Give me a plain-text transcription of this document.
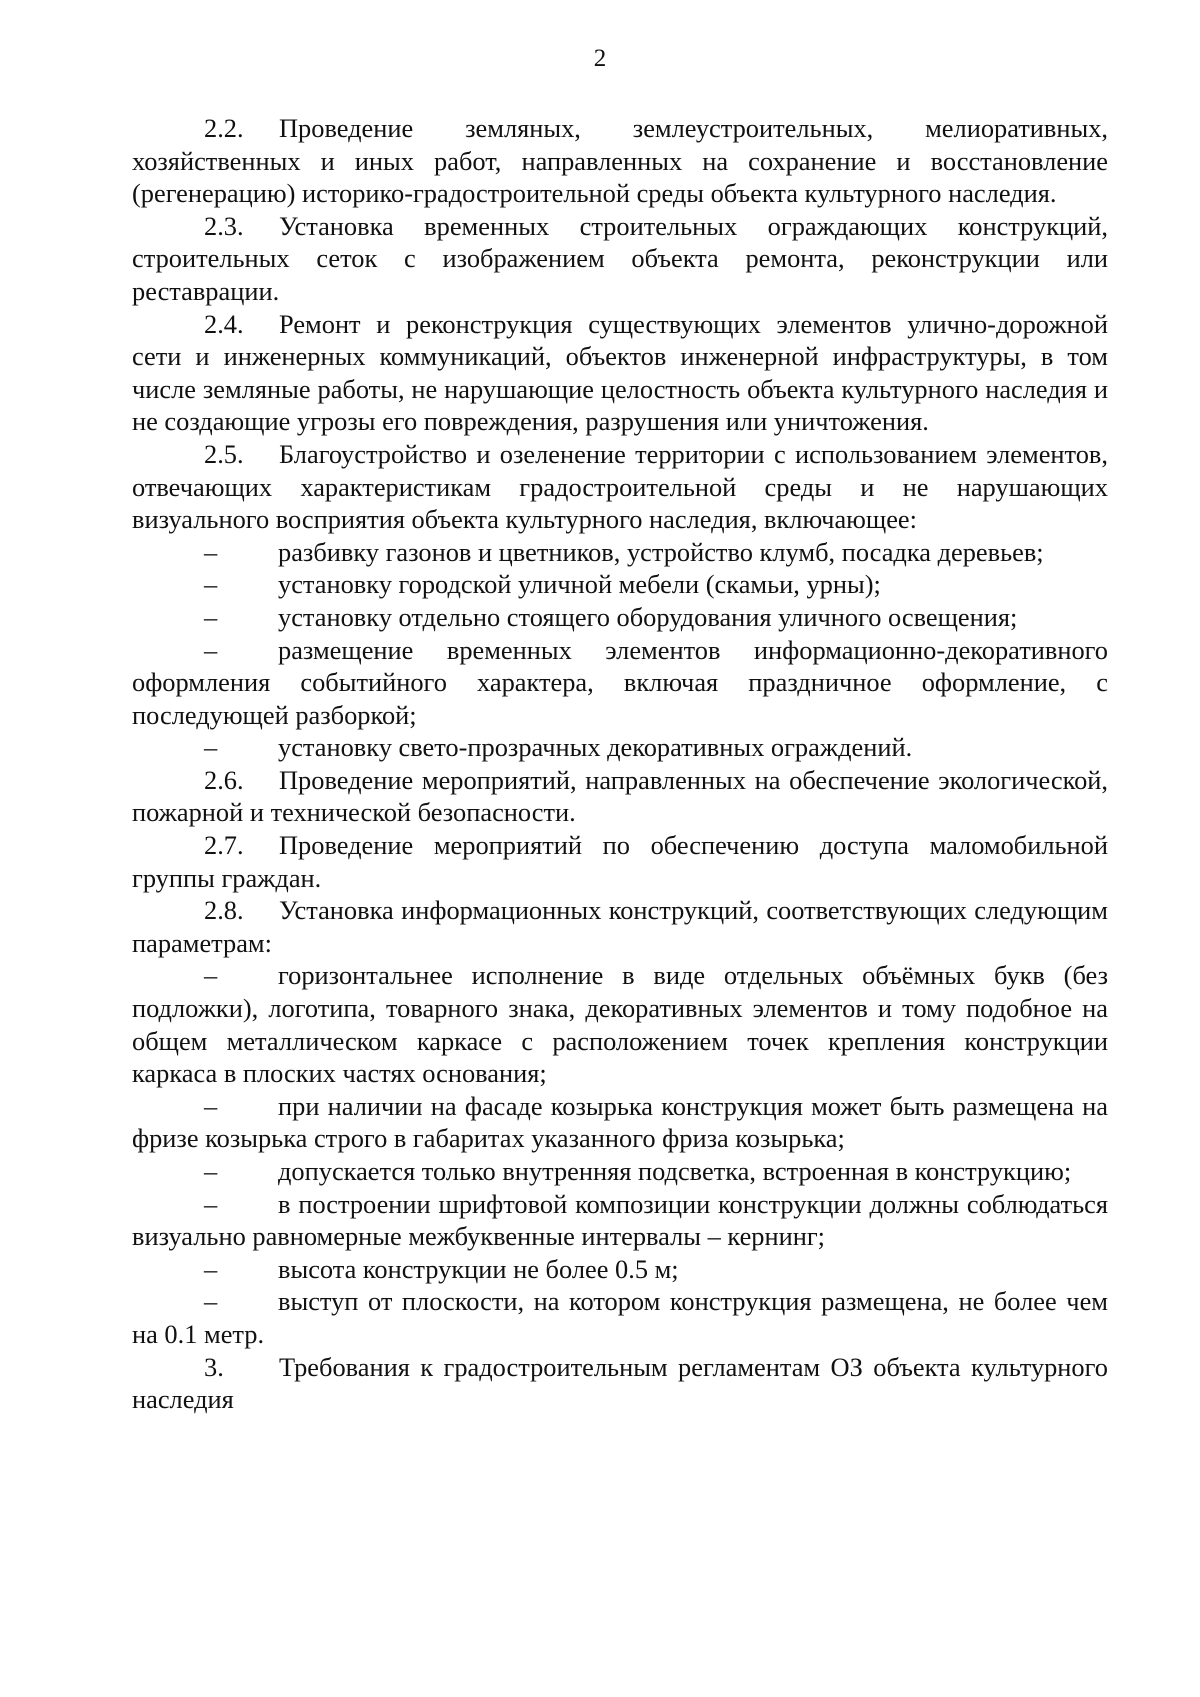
2

2.2. Проведение земляных, землеустроительных, мелиоративных, хозяйственных и иных работ, направленных на сохранение и восстановление (регенерацию) историко-градостроительной среды объекта культурного наследия.

2.3. Установка временных строительных ограждающих конструкций, строительных сеток с изображением объекта ремонта, реконструкции или реставрации.

2.4. Ремонт и реконструкция существующих элементов улично-дорожной сети и инженерных коммуникаций, объектов инженерной инфраструктуры, в том числе земляные работы, не нарушающие целостность объекта культурного наследия и не создающие угрозы его повреждения, разрушения или уничтожения.

2.5. Благоустройство и озеленение территории с использованием элементов, отвечающих характеристикам градостроительной среды и не нарушающих визуального восприятия объекта культурного наследия, включающее:

– разбивку газонов и цветников, устройство клумб, посадка деревьев;

– установку городской уличной мебели (скамьи, урны);

– установку отдельно стоящего оборудования уличного освещения;

– размещение временных элементов информационно-декоративного оформления событийного характера, включая праздничное оформление, с последующей разборкой;

– установку свето-прозрачных декоративных ограждений.

2.6. Проведение мероприятий, направленных на обеспечение экологической, пожарной и технической безопасности.

2.7. Проведение мероприятий по обеспечению доступа маломобильной группы граждан.

2.8. Установка информационных конструкций, соответствующих следующим параметрам:

– горизонтальнее исполнение в виде отдельных объёмных букв (без подложки), логотипа, товарного знака, декоративных элементов и тому подобное на общем металлическом каркасе с расположением точек крепления конструкции каркаса в плоских частях основания;

– при наличии на фасаде козырька конструкция может быть размещена на фризе козырька строго в габаритах указанного фриза козырька;

– допускается только внутренняя подсветка, встроенная в конструкцию;

– в построении шрифтовой композиции конструкции должны соблюдаться визуально равномерные межбуквенные интервалы – кернинг;

– высота конструкции не более 0.5 м;

– выступ от плоскости, на котором конструкция размещена, не более чем на 0.1 метр.

3. Требования к градостроительным регламентам ОЗ объекта культурного наследия
